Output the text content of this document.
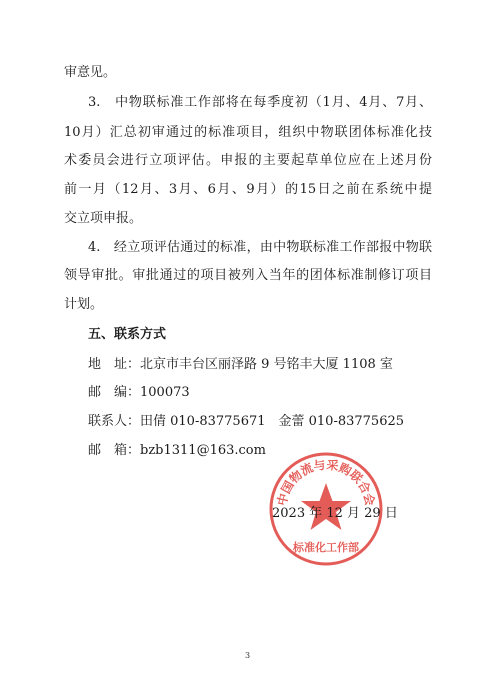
审意见。
3.　中物联标准工作部将在每季度初（1月、4月、7月、
10月）汇总初审通过的标准项目，组织中物联团体标准化技
术委员会进行立项评估。申报的主要起草单位应在上述月份
前一月（12月、3月、6月、9月）的15日之前在系统中提
交立项申报。
4.　经立项评估通过的标准，由中物联标准工作部报中物联
领导审批。审批通过的项目被列入当年的团体标准制修订项目
计划。
五、联系方式
地　址：北京市丰台区丽泽路 9 号铭丰大厦 1108 室
邮　编：100073
联系人：田倩 010-83775671　金蕾 010-83775625
邮　箱：bzb1311@163.com
中国物流与采购联合会
标准化工作部
2023 年 12 月 29 日
3
